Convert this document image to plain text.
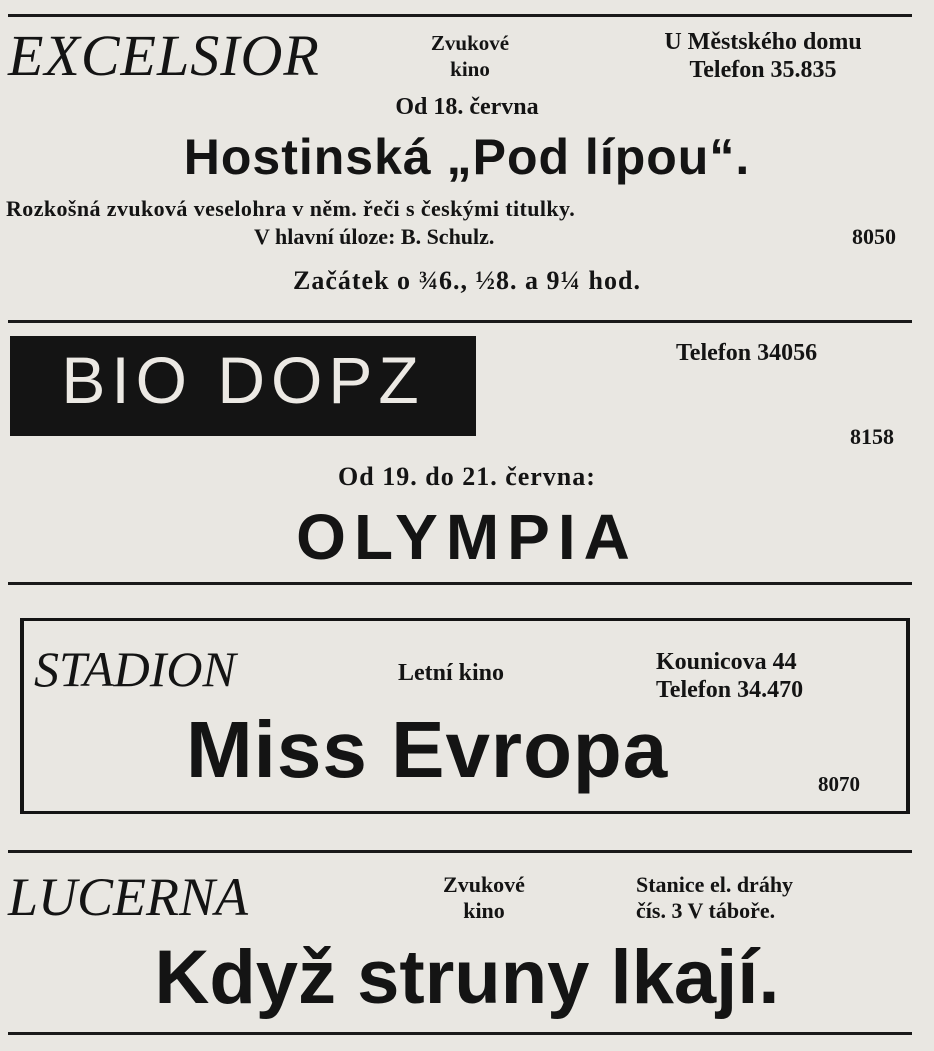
EXCELSIOR	Zvukové
kino
U Městského domu
Telefon 35.835
Od 18. června
Hostinská „Pod lípou“.
Rozkošná zvuková veselohra v něm. řeči s českými titulky.
V hlavní úloze: B. Schulz.	8050
Začátek o ¾6., ½8. a 9¼ hod.
BIO DOPZ	Telefon 34056
8158
Od 19. do 21. června:
OLYMPIA
STADION	Letní kino	Kounicova 44
Telefon 34.470
Miss Evropa	8070
LUCERNA	Zvukové
kino
Stanice el. dráhy
čís. 3 V táboře.
Když struny lkají.
